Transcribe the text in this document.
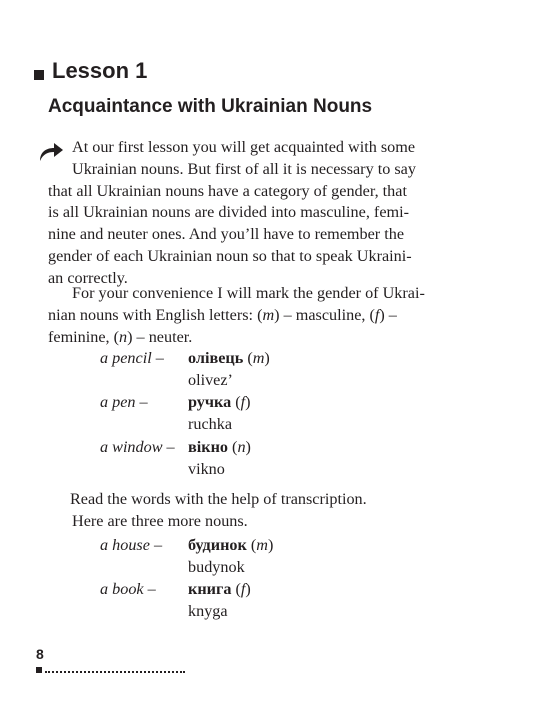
Lesson 1
Acquaintance with Ukrainian Nouns
At our first lesson you will get acquainted with some
Ukrainian nouns. But first of all it is necessary to say
that all Ukrainian nouns have a category of gender, that
is all Ukrainian nouns are divided into masculine, femi-
nine and neuter ones. And you’ll have to remember the
gender of each Ukrainian noun so that to speak Ukraini-
an correctly.
For your convenience I will mark the gender of Ukrai-
nian nouns with English letters: (m) – masculine, (f) –
feminine, (n) – neuter.
a pencil –	олівець (m)
olivez’
a pen –	ручка (f)
ruchka
a window – вікно (n)
vikno
Read the words with the help of transcription.
Here are three more nouns.
a house –	будинок (m)
budynok
a book –	книга (f)
knyga
8
